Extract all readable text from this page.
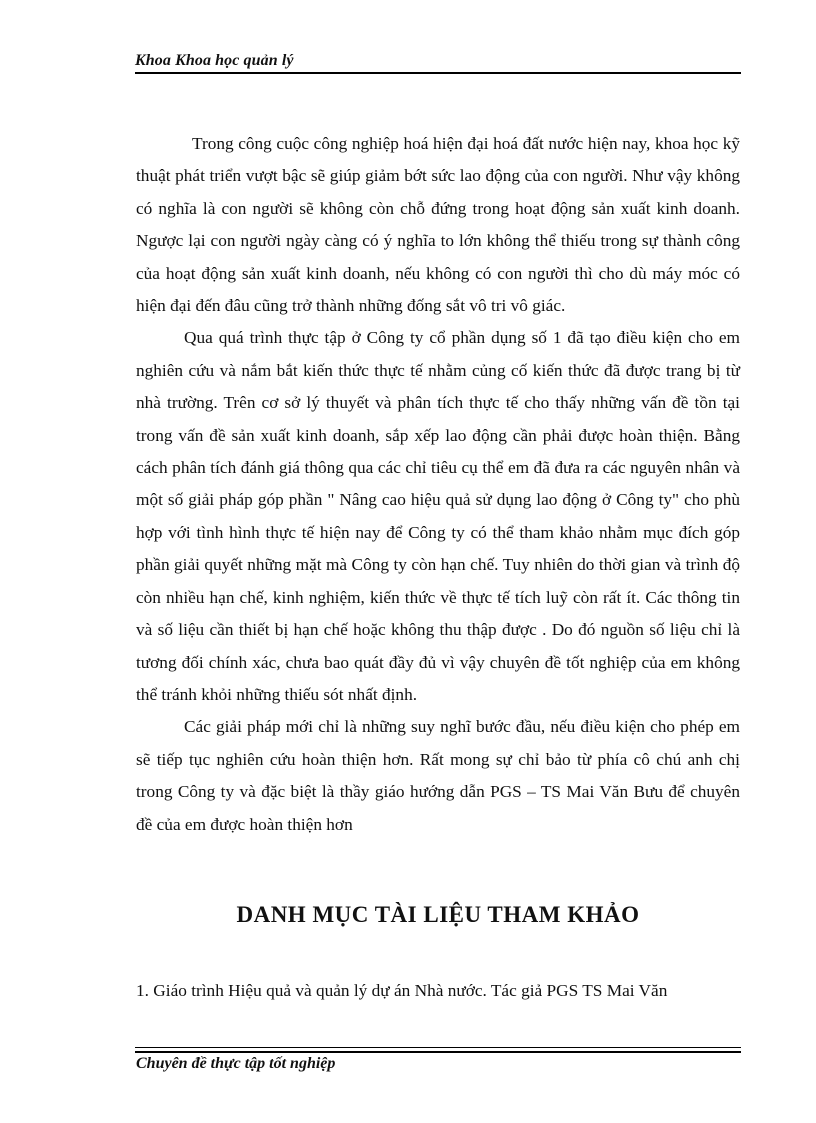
Khoa Khoa học quản lý

Trong công cuộc công nghiệp hoá hiện đại hoá đất nước hiện nay, khoa học kỹ thuật phát triển vượt bậc sẽ giúp giảm bớt sức lao động của con người. Như vậy không có nghĩa là con người sẽ không còn chỗ đứng trong hoạt động sản xuất kinh doanh. Ngược lại con người ngày càng có ý nghĩa to lớn không thể thiếu trong sự thành công của hoạt động sản xuất kinh doanh, nếu không có con người thì cho dù máy móc có hiện đại đến đâu cũng trở thành những đống sắt vô tri vô giác.

Qua quá trình thực tập ở Công ty cổ phần dụng số 1 đã tạo điều kiện cho em nghiên cứu và nắm bắt kiến thức thực tế nhằm củng cố kiến thức đã được trang bị từ nhà trường. Trên cơ sở lý thuyết và phân tích thực tế cho thấy những vấn đề tồn tại trong vấn đề sản xuất kinh doanh, sắp xếp lao động cần phải được hoàn thiện. Bằng cách phân tích đánh giá thông qua các chỉ tiêu cụ thể em đã đưa ra các nguyên nhân và một số giải pháp góp phần " Nâng cao hiệu quả sử dụng lao động ở Công ty" cho phù hợp với tình hình thực tế hiện nay để Công ty có thể tham khảo nhằm mục đích góp phần giải quyết những mặt mà Công ty còn hạn chế. Tuy nhiên do thời gian và trình độ còn nhiều hạn chế, kinh nghiệm, kiến thức về thực tế tích luỹ còn rất ít. Các thông tin và số liệu cần thiết bị hạn chế hoặc không thu thập được . Do đó nguồn số liệu chỉ là tương đối chính xác, chưa bao quát đầy đủ vì vậy chuyên đề tốt nghiệp của em không thể tránh khỏi những thiếu sót nhất định.

Các giải pháp mới chỉ là những suy nghĩ bước đầu, nếu điều kiện cho phép em sẽ tiếp tục nghiên cứu hoàn thiện hơn. Rất mong sự chỉ bảo từ phía cô chú anh chị trong Công ty và đặc biệt là thầy giáo hướng dẫn PGS – TS Mai Văn Bưu để chuyên đề của em được hoàn thiện hơn

DANH MỤC TÀI LIỆU THAM KHẢO
1. Giáo trình Hiệu quả và quản lý dự án Nhà nước. Tác giả PGS TS Mai Văn
Chuyên đề thực tập tốt nghiệp
